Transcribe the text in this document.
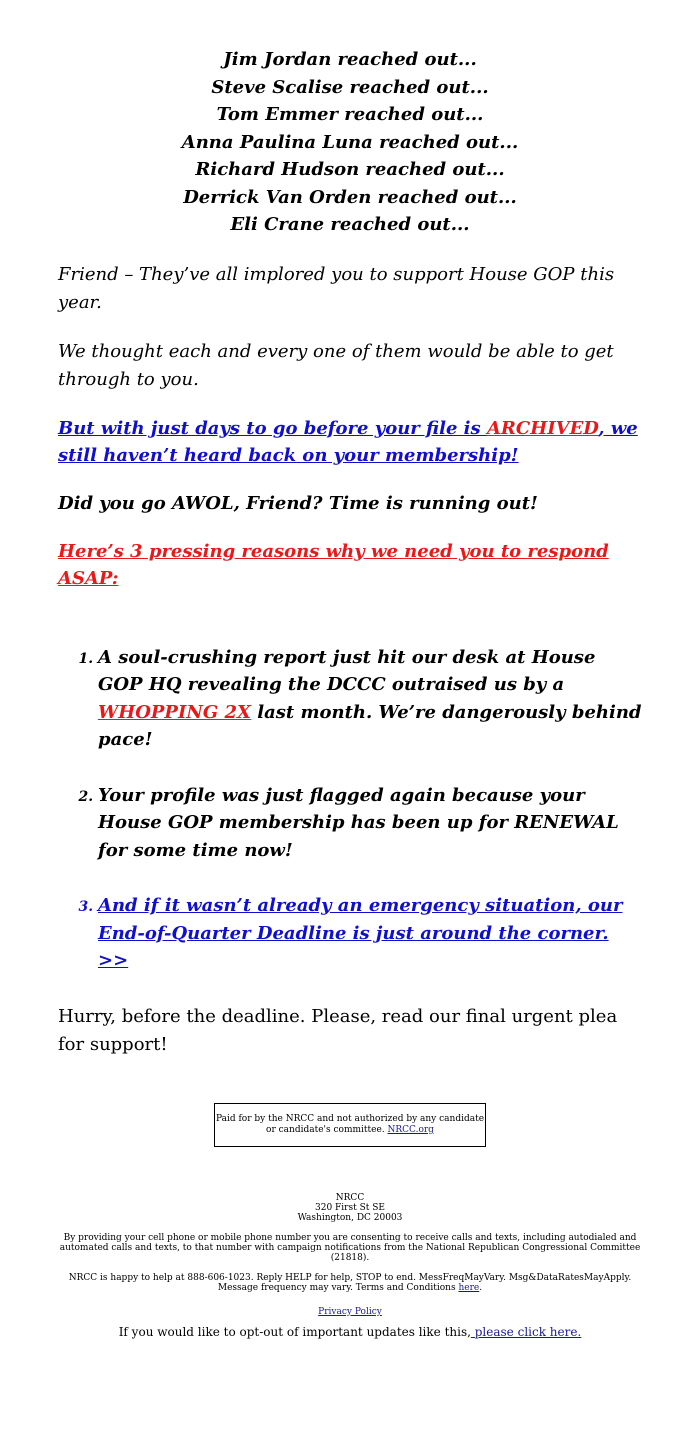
Jim Jordan reached out...
Steve Scalise reached out...
Tom Emmer reached out...
Anna Paulina Luna reached out...
Richard Hudson reached out...
Derrick Van Orden reached out...
Eli Crane reached out...

Friend – They’ve all implored you to support House GOP this year.

We thought each and every one of them would be able to get through to you.

But with just days to go before your file is ARCHIVED, we still haven’t heard back on your membership!

Did you go AWOL, Friend? Time is running out!

Here’s 3 pressing reasons why we need you to respond ASAP:

1. A soul-crushing report just hit our desk at House GOP HQ revealing the DCCC outraised us by a WHOPPING 2X last month. We’re dangerously behind pace!
2. Your profile was just flagged again because your House GOP membership has been up for RENEWAL for some time now!
3. And if it wasn’t already an emergency situation, our End-of-Quarter Deadline is just around the corner. >>

Hurry, before the deadline. Please, read our final urgent plea for support!

Paid for by the NRCC and not authorized by any candidate or candidate's committee. NRCC.org

NRCC
320 First St SE
Washington, DC 20003

By providing your cell phone or mobile phone number you are consenting to receive calls and texts, including autodialed and automated calls and texts, to that number with campaign notifications from the National Republican Congressional Committee (21818).

NRCC is happy to help at 888-606-1023. Reply HELP for help, STOP to end. MessFreqMayVary. Msg&DataRatesMayApply. Message frequency may vary. Terms and Conditions here.

Privacy Policy

If you would like to opt-out of important updates like this, please click here.
